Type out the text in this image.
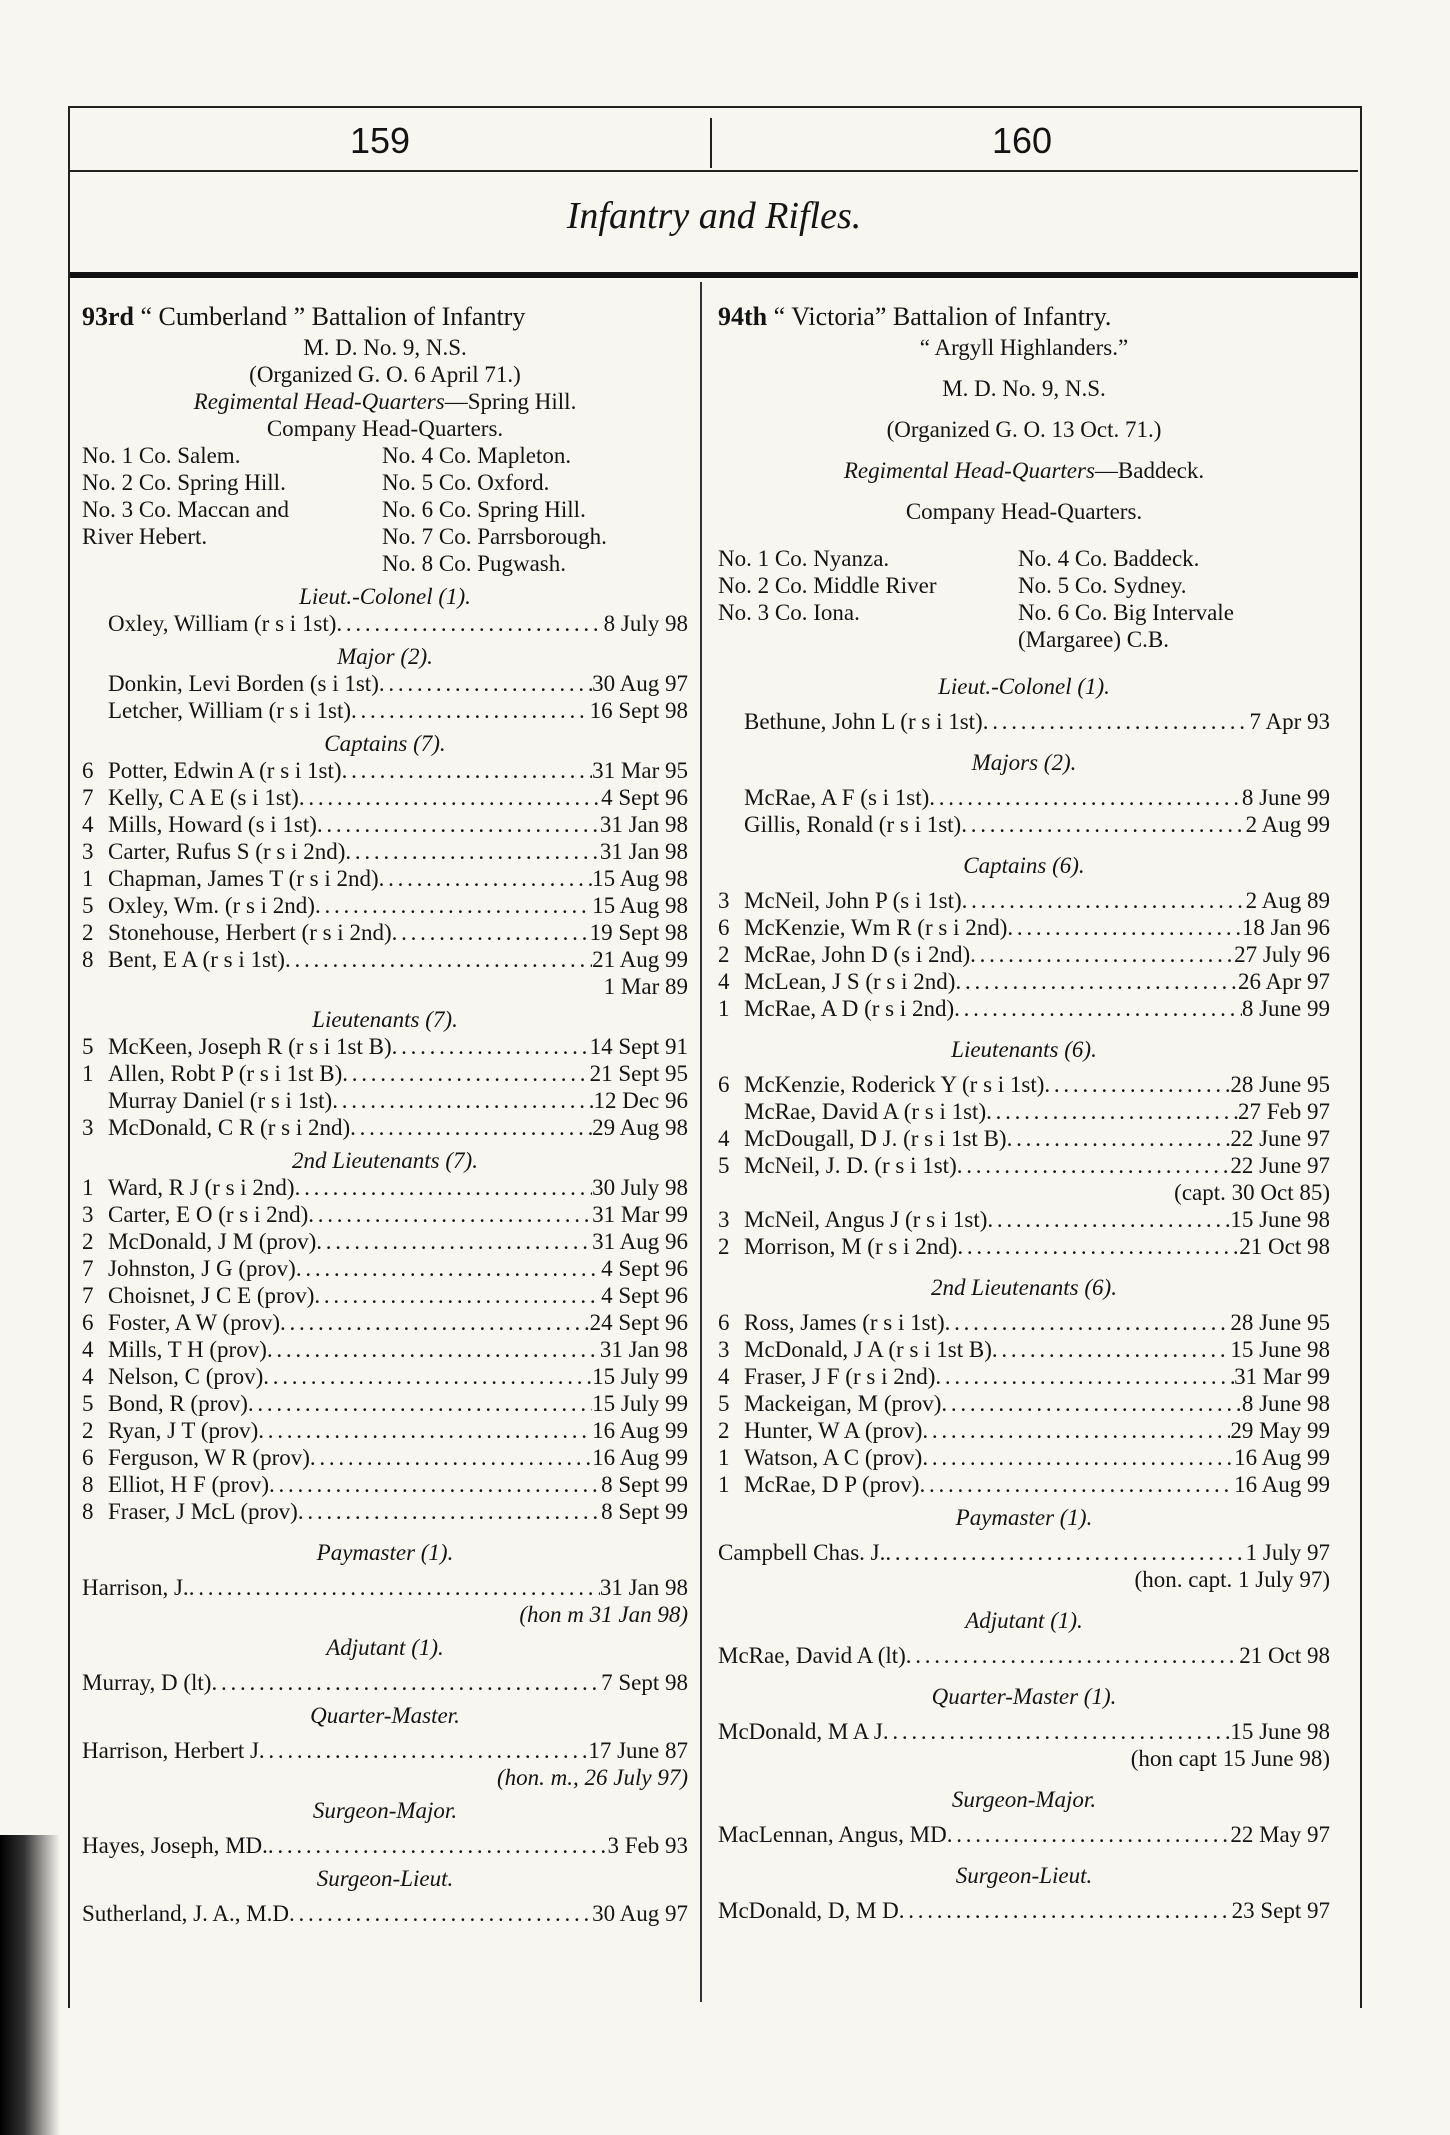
159	160
Infantry and Rifles.
93rd “ Cumberland ” Battalion of Infantry
M. D. No. 9, N.S.
(Organized G. O. 6 April 71.)
Regimental Head-Quarters—Spring Hill.
Company Head-Quarters.
No. 1 Co. Salem.	No. 4 Co. Mapleton.
No. 2 Co. Spring Hill.	No. 5 Co. Oxford.
No. 3 Co. Maccan and	No. 6 Co. Spring Hill.
River Hebert.	No. 7 Co. Parrsborough.
No. 8 Co. Pugwash.
Lieut.-Colonel (1).
Oxley, William (r s i 1st) . . .	8 July 98
Major (2).
Donkin, Levi Borden (s i 1st) . . .	30 Aug 97
Letcher, William (r s i 1st) . . .	16 Sept 98
Captains (7).
6 Potter, Edwin A (r s i 1st) . . .	31 Mar 95
7 Kelly, C A E (s i 1st) . . .	4 Sept 96
4 Mills, Howard (s i 1st) . . .	31 Jan 98
3 Carter, Rufus S (r s i 2nd) . . .	31 Jan 98
1 Chapman, James T (r s i 2nd) . . .	15 Aug 98
5 Oxley, Wm. (r s i 2nd) . . .	15 Aug 98
2 Stonehouse, Herbert (r s i 2nd) . . .	19 Sept 98
8 Bent, E A (r s i 1st) . . .	21 Aug 99
1 Mar 89
Lieutenants (7).
5 McKeen, Joseph R (r s i 1st B) . . .	14 Sept 91
1 Allen, Robt P (r s i 1st B) . . .	21 Sept 95
Murray Daniel (r s i 1st) . . .	12 Dec 96
3 McDonald, C R (r s i 2nd) . . .	29 Aug 98
2nd Lieutenants (7).
1 Ward, R J (r s i 2nd) . . .	30 July 98
3 Carter, E O (r s i 2nd) . . .	31 Mar 99
2 McDonald, J M (prov) . . .	31 Aug 96
7 Johnston, J G (prov) . . .	4 Sept 96
7 Choisnet, J C E (prov) . . .	4 Sept 96
6 Foster, A W (prov) . . .	24 Sept 96
4 Mills, T H (prov) . . .	31 Jan 98
4 Nelson, C (prov) . . .	15 July 99
5 Bond, R (prov) . . .	15 July 99
2 Ryan, J T (prov) . . .	16 Aug 99
6 Ferguson, W R (prov) . . .	16 Aug 99
8 Elliot, H F (prov) . . .	8 Sept 99
8 Fraser, J McL (prov) . . .	8 Sept 99
Paymaster (1).
Harrison, J. . . .	31 Jan 98
(hon m 31 Jan 98)
Adjutant (1).
Murray, D (lt) . . .	7 Sept 98
Quarter-Master.
Harrison, Herbert J . . .	17 June 87
(hon. m., 26 July 97)
Surgeon-Major.
Hayes, Joseph, MD. . . .	3 Feb 93
Surgeon-Lieut.
Sutherland, J. A., M.D . . .	30 Aug 97
94th “ Victoria” Battalion of Infantry.
“ Argyll Highlanders.”
M. D. No. 9, N.S.
(Organized G. O. 13 Oct. 71.)
Regimental Head-Quarters—Baddeck.
Company Head-Quarters.
No. 1 Co. Nyanza.	No. 4 Co. Baddeck.
No. 2 Co. Middle River	No. 5 Co. Sydney.
No. 3 Co. Iona.	No. 6 Co. Big Intervale
(Margaree) C.B.
Lieut.-Colonel (1).
Bethune, John L (r s i 1st) . . .	7 Apr 93
Majors (2).
McRae, A F (s i 1st) . . .	8 June 99
Gillis, Ronald (r s i 1st) . . .	2 Aug 99
Captains (6).
3 McNeil, John P (s i 1st) . . .	2 Aug 89
6 McKenzie, Wm R (r s i 2nd) . . .	18 Jan 96
2 McRae, John D (s i 2nd) . . .	27 July 96
4 McLean, J S (r s i 2nd) . . .	26 Apr 97
1 McRae, A D (r s i 2nd) . . .	8 June 99
Lieutenants (6).
6 McKenzie, Roderick Y (r s i 1st) . . .	28 June 95
McRae, David A (r s i 1st) . . .	27 Feb 97
4 McDougall, D J. (r s i 1st B) . . .	22 June 97
5 McNeil, J. D. (r s i 1st) . . .	22 June 97
(capt. 30 Oct 85)
3 McNeil, Angus J (r s i 1st) . . .	15 June 98
2 Morrison, M (r s i 2nd) . . .	21 Oct 98
2nd Lieutenants (6).
6 Ross, James (r s i 1st) . . .	28 June 95
3 McDonald, J A (r s i 1st B) . . .	15 June 98
4 Fraser, J F (r s i 2nd) . . .	31 Mar 99
5 Mackeigan, M (prov) . . .	8 June 98
2 Hunter, W A (prov) . . .	29 May 99
1 Watson, A C (prov) . . .	16 Aug 99
1 McRae, D P (prov) . . .	16 Aug 99
Paymaster (1).
Campbell Chas. J. . . .	1 July 97
(hon. capt. 1 July 97)
Adjutant (1).
McRae, David A (lt) . . .	21 Oct 98
Quarter-Master (1).
McDonald, M A J . . .	15 June 98
(hon capt 15 June 98)
Surgeon-Major.
MacLennan, Angus, MD . . .	22 May 97
Surgeon-Lieut.
McDonald, D, M D . . .	23 Sept 97
